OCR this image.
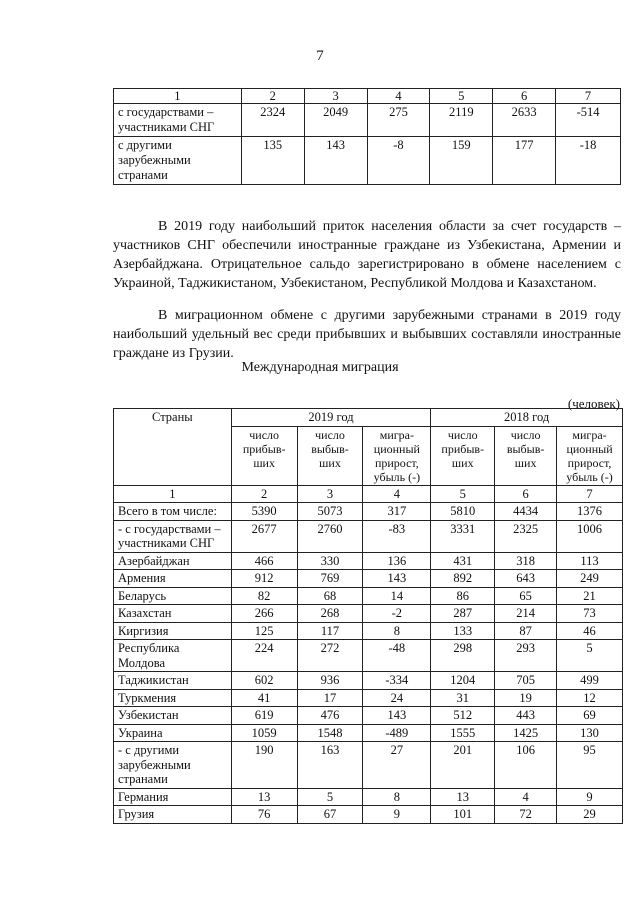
7
1	2	3	4	5	6	7
с государствами – участниками СНГ	2324	2049	275	2119	2633	-514
с другими зарубежными странами	135	143	-8	159	177	-18

В 2019 году наибольший приток населения области за счет государств – участников СНГ обеспечили иностранные граждане из Узбекистана, Армении и Азербайджана. Отрицательное сальдо зарегистрировано в обмене населением с Украиной, Таджикистаном, Узбекистаном, Республикой Молдова и Казахстаном.

В миграционном обмене с другими зарубежными странами в 2019 году наибольший удельный вес среди прибывших и выбывших составляли иностранные граждане из Грузии.

Международная миграция
(человек)
Страны	2019 год			2018 год		
	число прибыв-ших	число выбыв-ших	мигра-ционный прирост, убыль (-)	число прибыв-ших	число выбыв-ших	мигра-ционный прирост, убыль (-)
1	2	3	4	5	6	7
Всего в том числе:	5390	5073	317	5810	4434	1376
- с государствами – участниками СНГ	2677	2760	-83	3331	2325	1006
Азербайджан	466	330	136	431	318	113
Армения	912	769	143	892	643	249
Беларусь	82	68	14	86	65	21
Казахстан	266	268	-2	287	214	73
Киргизия	125	117	8	133	87	46
Республика Молдова	224	272	-48	298	293	5
Таджикистан	602	936	-334	1204	705	499
Туркмения	41	17	24	31	19	12
Узбекистан	619	476	143	512	443	69
Украина	1059	1548	-489	1555	1425	130
- с другими зарубежными странами	190	163	27	201	106	95
Германия	13	5	8	13	4	9
Грузия	76	67	9	101	72	29
